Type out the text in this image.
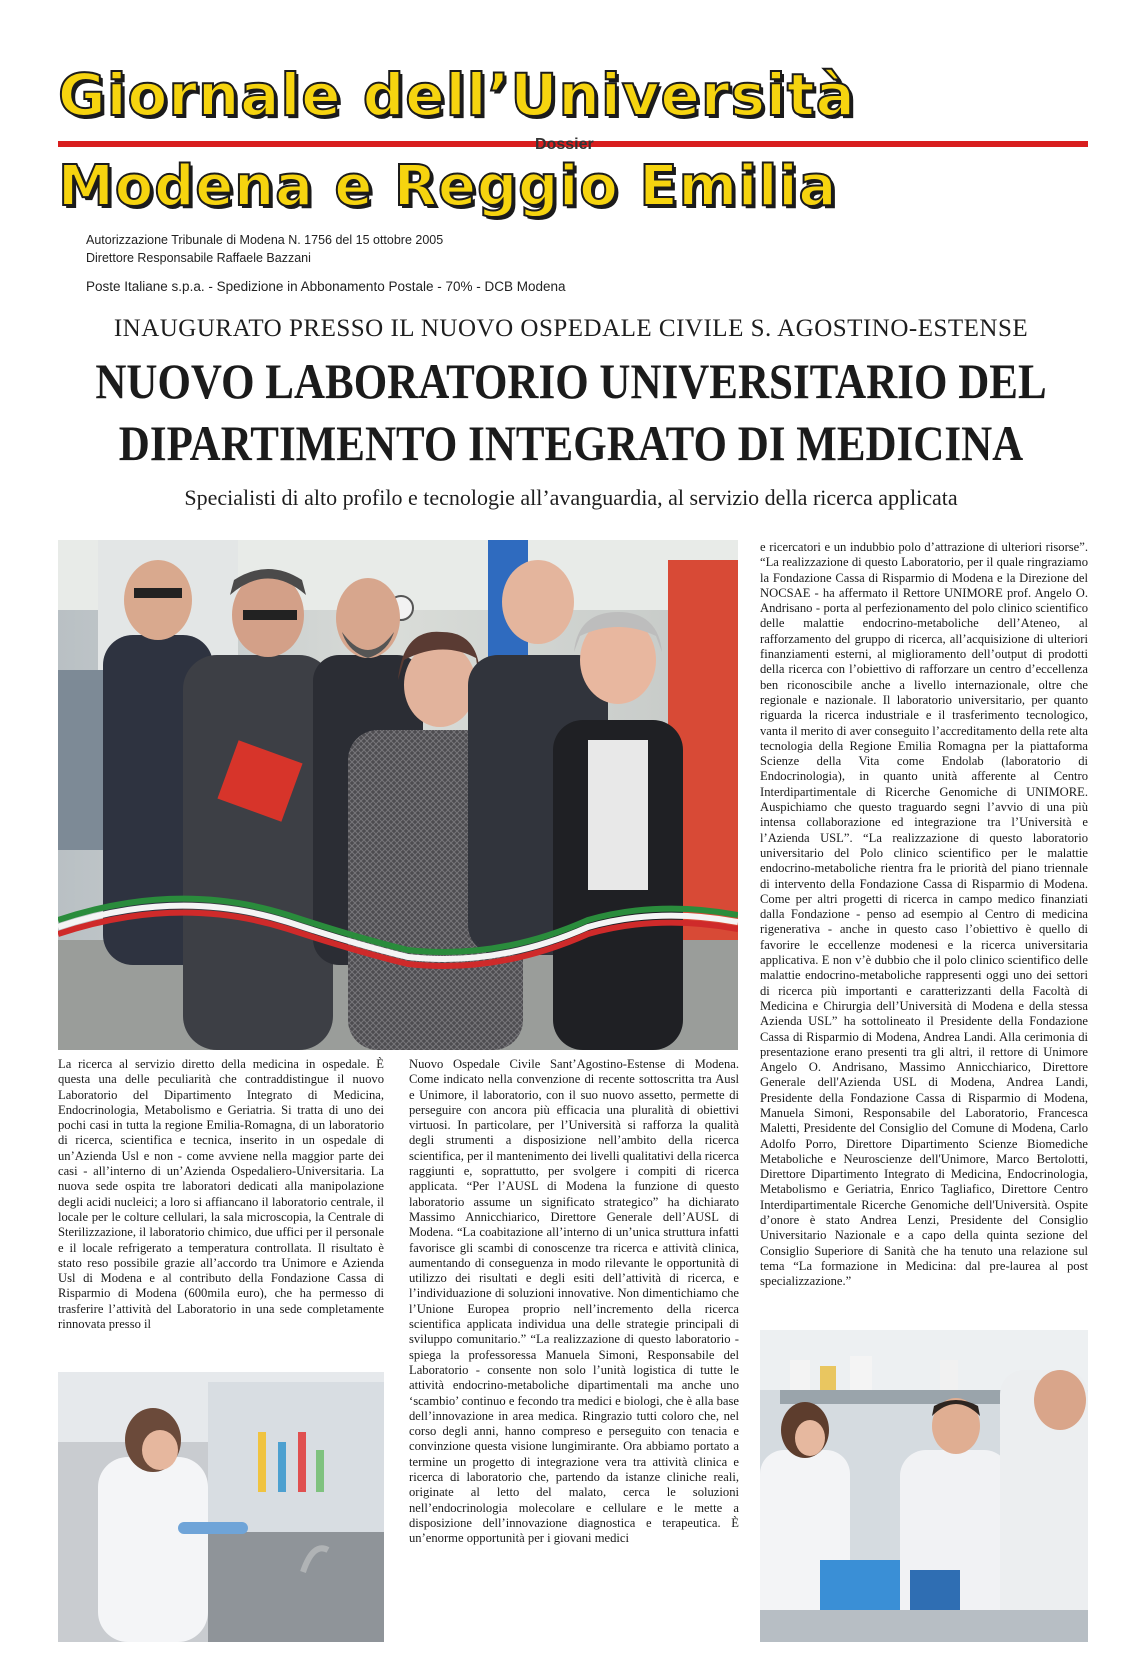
Giornale dell’Università
Dossier
Modena e Reggio Emilia
Autorizzazione Tribunale di Modena N. 1756 del 15 ottobre 2005
Direttore Responsabile Raffaele Bazzani
Poste Italiane s.p.a. - Spedizione in Abbonamento Postale - 70% - DCB Modena
INAUGURATO PRESSO IL NUOVO OSPEDALE CIVILE S. AGOSTINO-ESTENSE
NUOVO LABORATORIO UNIVERSITARIO DEL
DIPARTIMENTO INTEGRATO DI MEDICINA
Specialisti di alto profilo e tecnologie all’avanguardia, al servizio della ricerca applicata

La ricerca al servizio diretto della medicina in ospedale. È questa una delle peculiarità che contraddistingue il nuovo Laboratorio del Dipartimento Integrato di Medicina, Endocrinologia, Metabolismo e Geriatria. Si tratta di uno dei pochi casi in tutta la regione Emilia-Romagna, di un laboratorio di ricerca, scientifica e tecnica, inserito in un ospedale di un’Azienda Usl e non - come avviene nella maggior parte dei casi - all’interno di un’Azienda Ospedaliero-Universitaria. La nuova sede ospita tre laboratori dedicati alla manipolazione degli acidi nucleici; a loro si affiancano il laboratorio centrale, il locale per le colture cellulari, la sala microscopia, la Centrale di Sterilizzazione, il laboratorio chimico, due uffici per il personale e il locale refrigerato a temperatura controllata. Il risultato è stato reso possibile grazie all’accordo tra Unimore e Azienda Usl di Modena e al contributo della Fondazione Cassa di Risparmio di Modena (600mila euro), che ha permesso di trasferire l’attività del Laboratorio in una sede completamente rinnovata presso il

Nuovo Ospedale Civile Sant’Agostino-Estense di Modena. Come indicato nella convenzione di recente sottoscritta tra Ausl e Unimore, il laboratorio, con il suo nuovo assetto, permette di perseguire con ancora più efficacia una pluralità di obiettivi virtuosi. In particolare, per l’Università si rafforza la qualità degli strumenti a disposizione nell’ambito della ricerca scientifica, per il mantenimento dei livelli qualitativi della ricerca raggiunti e, soprattutto, per svolgere i compiti di ricerca applicata. “Per l’AUSL di Modena la funzione di questo laboratorio assume un significato strategico” ha dichiarato Massimo Annicchiarico, Direttore Generale dell’AUSL di Modena. “La coabitazione all’interno di un’unica struttura infatti favorisce gli scambi di conoscenze tra ricerca e attività clinica, aumentando di conseguenza in modo rilevante le opportunità di utilizzo dei risultati e degli esiti dell’attività di ricerca, e l’individuazione di soluzioni innovative. Non dimentichiamo che l’Unione Europea proprio nell’incremento della ricerca scientifica applicata individua una delle strategie principali di sviluppo comunitario.” “La realizzazione di questo laboratorio - spiega la professoressa Manuela Simoni, Responsabile del Laboratorio - consente non solo l’unità logistica di tutte le attività endocrino-metaboliche dipartimentali ma anche uno ‘scambio’ continuo e fecondo tra medici e biologi, che è alla base dell’innovazione in area medica. Ringrazio tutti coloro che, nel corso degli anni, hanno compreso e perseguito con tenacia e convinzione questa visione lungimirante. Ora abbiamo portato a termine un progetto di integrazione vera tra attività clinica e ricerca di laboratorio che, partendo da istanze cliniche reali, originate al letto del malato, cerca le soluzioni nell’endocrinologia molecolare e cellulare e le mette a disposizione dell’innovazione diagnostica e terapeutica. È un’enorme opportunità per i giovani medici

e ricercatori e un indubbio polo d’attrazione di ulteriori risorse”. “La realizzazione di questo Laboratorio, per il quale ringraziamo la Fondazione Cassa di Risparmio di Modena e la Direzione del NOCSAE - ha affermato il Rettore UNIMORE prof. Angelo O. Andrisano - porta al perfezionamento del polo clinico scientifico delle malattie endocrino-metaboliche dell’Ateneo, al rafforzamento del gruppo di ricerca, all’acquisizione di ulteriori finanziamenti esterni, al miglioramento dell’output di prodotti della ricerca con l’obiettivo di rafforzare un centro d’eccellenza ben riconoscibile anche a livello internazionale, oltre che regionale e nazionale. Il laboratorio universitario, per quanto riguarda la ricerca industriale e il trasferimento tecnologico, vanta il merito di aver conseguito l’accreditamento della rete alta tecnologia della Regione Emilia Romagna per la piattaforma Scienze della Vita come Endolab (laboratorio di Endocrinologia), in quanto unità afferente al Centro Interdipartimentale di Ricerche Genomiche di UNIMORE. Auspichiamo che questo traguardo segni l’avvio di una più intensa collaborazione ed integrazione tra l’Università e l’Azienda USL”. “La realizzazione di questo laboratorio universitario del Polo clinico scientifico per le malattie endocrino-metaboliche rientra fra le priorità del piano triennale di intervento della Fondazione Cassa di Risparmio di Modena. Come per altri progetti di ricerca in campo medico finanziati dalla Fondazione - penso ad esempio al Centro di medicina rigenerativa - anche in questo caso l’obiettivo è quello di favorire le eccellenze modenesi e la ricerca universitaria applicativa. E non v’è dubbio che il polo clinico scientifico delle malattie endocrino-metaboliche rappresenti oggi uno dei settori di ricerca più importanti e caratterizzanti della Facoltà di Medicina e Chirurgia dell’Università di Modena e della stessa Azienda USL” ha sottolineato il Presidente della Fondazione Cassa di Risparmio di Modena, Andrea Landi. Alla cerimonia di presentazione erano presenti tra gli altri, il rettore di Unimore Angelo O. Andrisano, Massimo Annicchiarico, Direttore Generale dell'Azienda USL di Modena, Andrea Landi, Presidente della Fondazione Cassa di Risparmio di Modena, Manuela Simoni, Responsabile del Laboratorio, Francesca Maletti, Presidente del Consiglio del Comune di Modena, Carlo Adolfo Porro, Direttore Dipartimento Scienze Biomediche Metaboliche e Neuroscienze dell'Unimore, Marco Bertolotti, Direttore Dipartimento Integrato di Medicina, Endocrinologia, Metabolismo e Geriatria, Enrico Tagliafico, Direttore Centro Interdipartimentale Ricerche Genomiche dell'Università. Ospite d’onore è stato Andrea Lenzi, Presidente del Consiglio Universitario Nazionale e a capo della quinta sezione del Consiglio Superiore di Sanità che ha tenuto una relazione sul tema “La formazione in Medicina: dal pre-laurea al post specializzazione.”
